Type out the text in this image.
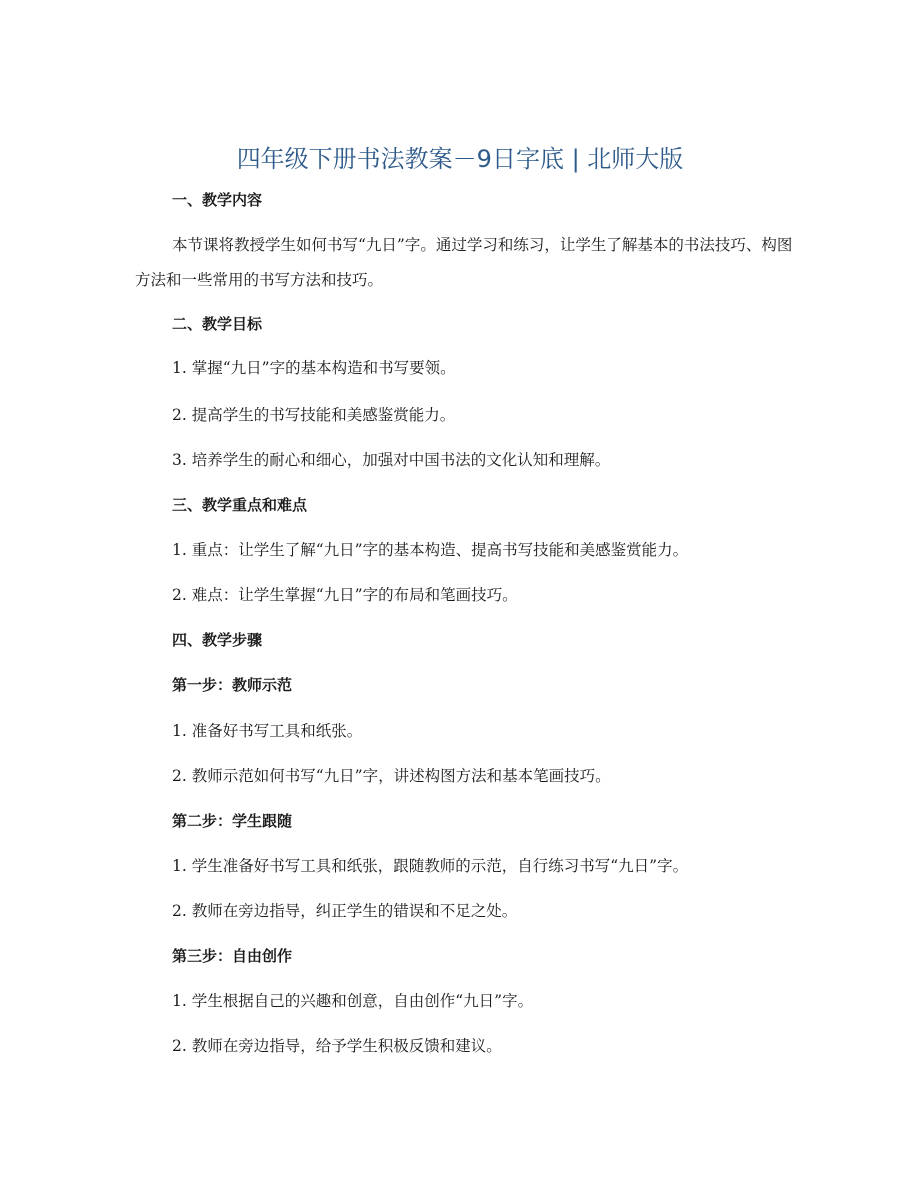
四年级下册书法教案－9日字底 | 北师大版
一、教学内容

本节课将教授学生如何书写“九日”字。通过学习和练习，让学生了解基本的书法技巧、构图方法和一些常用的书写方法和技巧。

二、教学目标
1. 掌握“九日”字的基本构造和书写要领。
2. 提高学生的书写技能和美感鉴赏能力。
3. 培养学生的耐心和细心，加强对中国书法的文化认知和理解。
三、教学重点和难点
1. 重点：让学生了解“九日”字的基本构造、提高书写技能和美感鉴赏能力。
2. 难点：让学生掌握“九日”字的布局和笔画技巧。
四、教学步骤
第一步：教师示范
1. 准备好书写工具和纸张。
2. 教师示范如何书写“九日”字，讲述构图方法和基本笔画技巧。
第二步：学生跟随
1. 学生准备好书写工具和纸张，跟随教师的示范，自行练习书写“九日”字。
2. 教师在旁边指导，纠正学生的错误和不足之处。
第三步：自由创作
1. 学生根据自己的兴趣和创意，自由创作“九日”字。
2. 教师在旁边指导，给予学生积极反馈和建议。
